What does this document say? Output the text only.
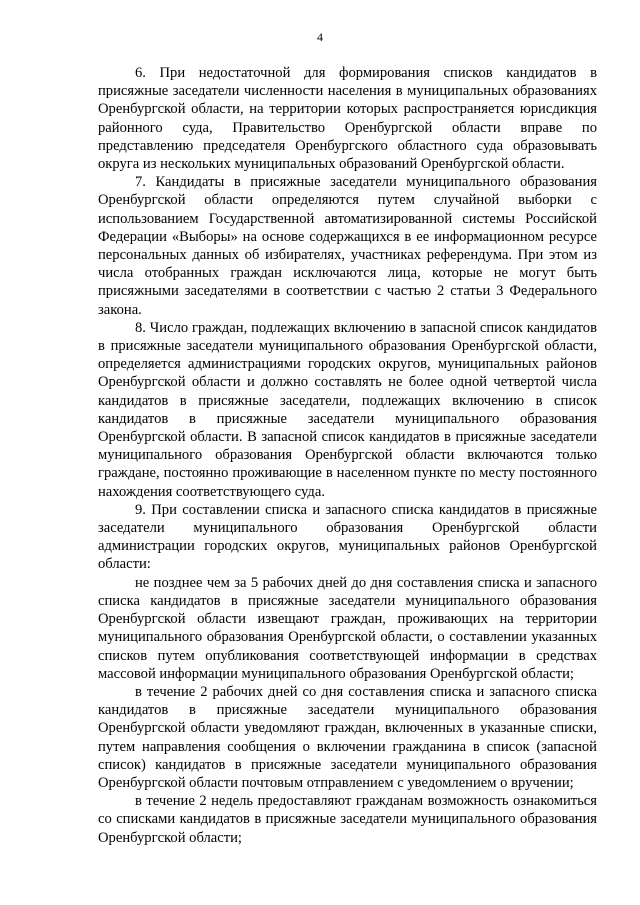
4

6. При недостаточной для формирования списков кандидатов в присяжные заседатели численности населения в муниципальных образованиях Оренбургской области, на территории которых распространяется юрисдикция районного суда, Правительство Оренбургской области вправе по представлению председателя Оренбургского областного суда образовывать округа из нескольких муниципальных образований Оренбургской области.

7. Кандидаты в присяжные заседатели муниципального образования Оренбургской области определяются путем случайной выборки с использованием Государственной автоматизированной системы Российской Федерации «Выборы» на основе содержащихся в ее информационном ресурсе персональных данных об избирателях, участниках референдума. При этом из числа отобранных граждан исключаются лица, которые не могут быть присяжными заседателями в соответствии с частью 2 статьи 3 Федерального закона.

8. Число граждан, подлежащих включению в запасной список кандидатов в присяжные заседатели муниципального образования Оренбургской области, определяется администрациями городских округов, муниципальных районов Оренбургской области и должно составлять не более одной четвертой числа кандидатов в присяжные заседатели, подлежащих включению в список кандидатов в присяжные заседатели муниципального образования Оренбургской области. В запасной список кандидатов в присяжные заседатели муниципального образования Оренбургской области включаются только граждане, постоянно проживающие в населенном пункте по месту постоянного нахождения соответствующего суда.

9. При составлении списка и запасного списка кандидатов в присяжные заседатели муниципального образования Оренбургской области администрации городских округов, муниципальных районов Оренбургской области:

не позднее чем за 5 рабочих дней до дня составления списка и запасного списка кандидатов в присяжные заседатели муниципального образования Оренбургской области извещают граждан, проживающих на территории муниципального образования Оренбургской области, о составлении указанных списков путем опубликования соответствующей информации в средствах массовой информации муниципального образования Оренбургской области;

в течение 2 рабочих дней со дня составления списка и запасного списка кандидатов в присяжные заседатели муниципального образования Оренбургской области уведомляют граждан, включенных в указанные списки, путем направления сообщения о включении гражданина в список (запасной список) кандидатов в присяжные заседатели муниципального образования Оренбургской области почтовым отправлением с уведомлением о вручении;

в течение 2 недель предоставляют гражданам возможность ознакомиться со списками кандидатов в присяжные заседатели муниципального образования Оренбургской области;
